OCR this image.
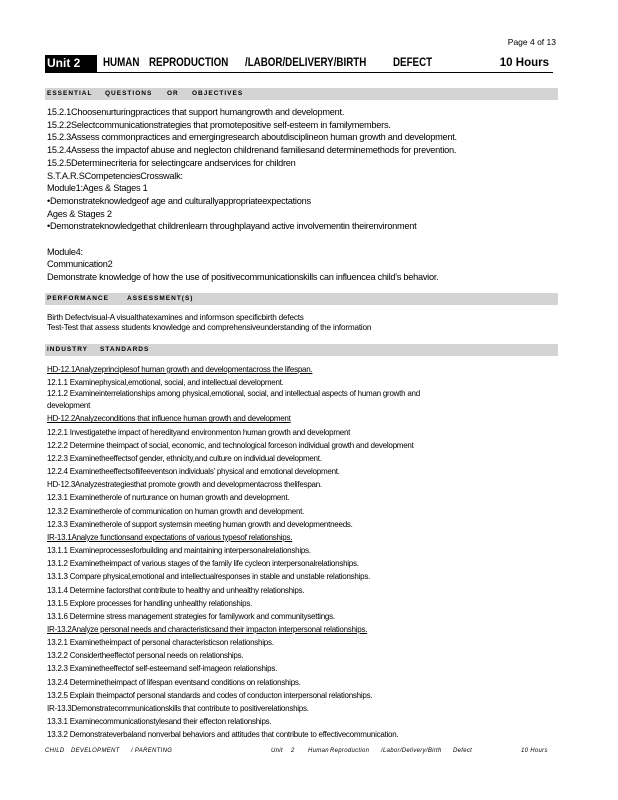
Page 4 of 13
Unit 2	HUMAN REPRODUCTION /LABOR/DELIVERY/BIRTH DEFECT	10 Hours
ESSENTIAL QUESTIONS OR OBJECTIVES
15.2.1Choosenurturingpractices that support humangrowth and development.
15.2.2Selectcommunicationstrategies that promotepositive self-esteem in familymembers.
15.2.3Assess commonpractices and emergingresearch aboutdisciplineon human growth and development.
15.2.4Assess the impactof abuse and neglecton childrenand familiesand determinemethods for prevention.
15.2.5Determinecriteria for selectingcare andservices for children
S.T.A.R.SCompetenciesCrosswalk:
Module1:Ages & Stages 1
•Demonstrateknowledgeof age and culturallyappropriateexpectations
Ages & Stages 2
•Demonstrateknowledgethat childrenlearn throughplayand active involvementin theirenvironment

Module4:
Communication2
Demonstrate knowledge of how the use of positivecommunicationskills can influencea child's behavior.
PERFORMANCE	ASSESSMENT(S)
Birth Defectvisual-A visualthatexamines and informson specificbirth defects
Test-Test that assess students knowledge and comprehensiveunderstanding of the information
INDUSTRY STANDARDS
HD-12.1Analyzeprinciplesof human growth and developmentacross the lifespan.
12.1.1 Examinephysical,emotional, social, and intellectual development.
12.1.2 Examineinterrelationships among physical,emotional, social, and intellectual aspects of human growth and
development
HD-12.2Analyzeconditions that influence human growth and development
12.2.1 Investigatethe impact of heredityand environmenton human growth and development
12.2.2 Determine theimpact of social, economic, and technological forceson individual growth and development
12.2.3 Examinetheeffectsof gender, ethnicity,and culture on individual development.
12.2.4 Examinetheeffectsoflifeeventson individuals' physical and emotional development.
HD-12.3Analyzestrategiesthat promote growth and developmentacross thelifespan.
12.3.1 Examinetherole of nurturance on human growth and development.
12.3.2 Examinetherole of communication on human growth and development.
12.3.3 Examinetherole of support systemsin meeting human growth and developmentneeds.
IR-13.1Analyze functionsand expectations of various typesof relationships.
13.1.1 Examineprocessesforbuilding and maintaining interpersonalrelationships.
13.1.2 Examinetheimpact of various stages of the family life cycleon interpersonalrelationships.
13.1.3 Compare physical,emotional and intellectualresponses in stable and unstable relationships.
13.1.4 Determine factorsthat contribute to healthy and unhealthy relationships.
13.1.5 Explore processes for handling unhealthy relationships.
13.1.6 Determine stress management strategies for familywork and communitysettings.
IR-13.2Analyze personal needs and characteristicsand their impacton interpersonal relationships.
13.2.1 Examinetheimpact of personal characteristicson relationships.
13.2.2 Considertheeffectof personal needs on relationships.
13.2.3 Examinetheeffectof self-esteemand self-imageon relationships.
13.2.4 Determinetheimpact of lifespan eventsand conditions on relationships.
13.2.5 Explain theimpactof personal standards and codes of conducton interpersonal relationships.
IR-13.3Demonstratecommunicationskills that contribute to positiverelationships.
13.3.1 Examinecommunicationstylesand their effecton relationships.
13.3.2 Demonstrateverbaland nonverbal behaviors and attitudes that contribute to effectivecommunication.
CHILD DEVELOPMENT / PARENTING	Unit 2 Human Reproduction /Labor/Delivery/Birth Defect	10 Hours
